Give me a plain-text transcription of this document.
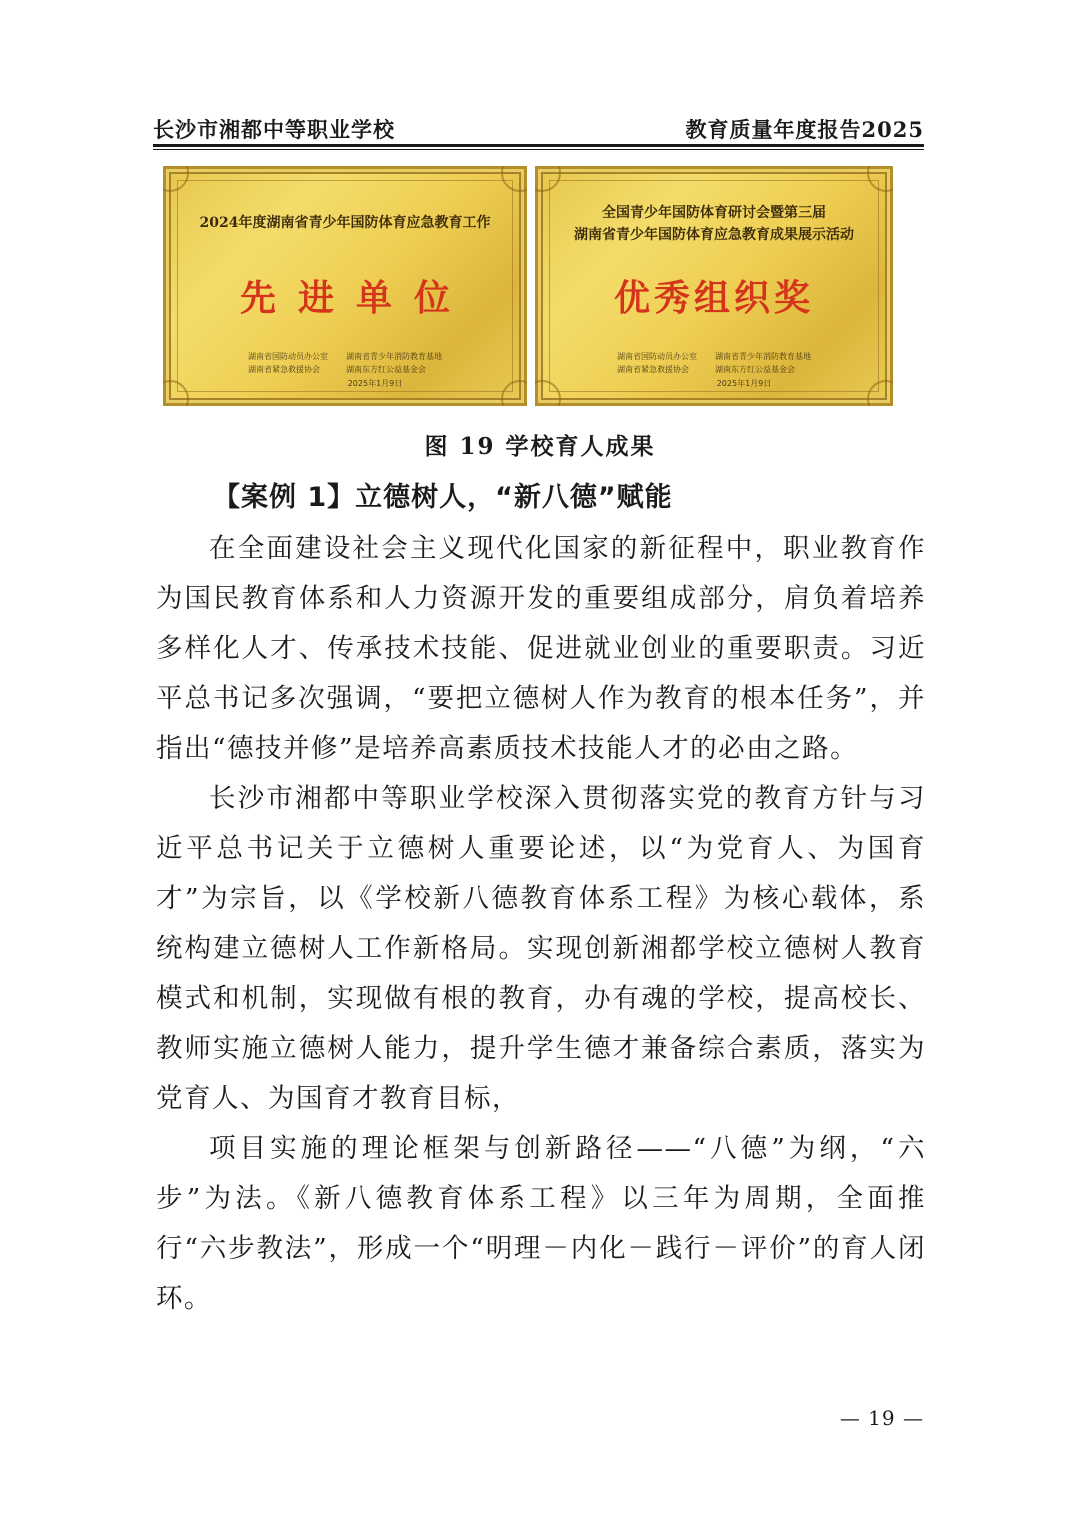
长沙市湘都中等职业学校	教育质量年度报告2025
2024年度湖南省青少年国防体育应急教育工作
先进单位
湖南省国防动员办公室
湖南省紧急救援协会
湖南省青少年消防教育基地
湖南东方红公益基金会
2025年1月9日
全国青少年国防体育研讨会暨第三届
湖南省青少年国防体育应急教育成果展示活动
优秀组织奖
湖南省国防动员办公室
湖南省紧急救援协会
湖南省青少年消防教育基地
湖南东方红公益基金会
2025年1月9日
图 19 学校育人成果
【案例 1】立德树人，“新八德”赋能

在全面建设社会主义现代化国家的新征程中，职业教育作为国民教育体系和人力资源开发的重要组成部分，肩负着培养多样化人才、传承技术技能、促进就业创业的重要职责。习近平总书记多次强调，“要把立德树人作为教育的根本任务”，并指出“德技并修”是培养高素质技术技能人才的必由之路。

长沙市湘都中等职业学校深入贯彻落实党的教育方针与习近平总书记关于立德树人重要论述，以“为党育人、为国育才”为宗旨，以《学校新八德教育体系工程》为核心载体，系统构建立德树人工作新格局。实现创新湘都学校立德树人教育模式和机制，实现做有根的教育，办有魂的学校，提高校长、教师实施立德树人能力，提升学生德才兼备综合素质，落实为党育人、为国育才教育目标，

项目实施的理论框架与创新路径——“八德”为纲，“六步”为法。《新八德教育体系工程》以三年为周期，全面推行“六步教法”，形成一个“明理－内化－践行－评价”的育人闭环。

— 19 —
